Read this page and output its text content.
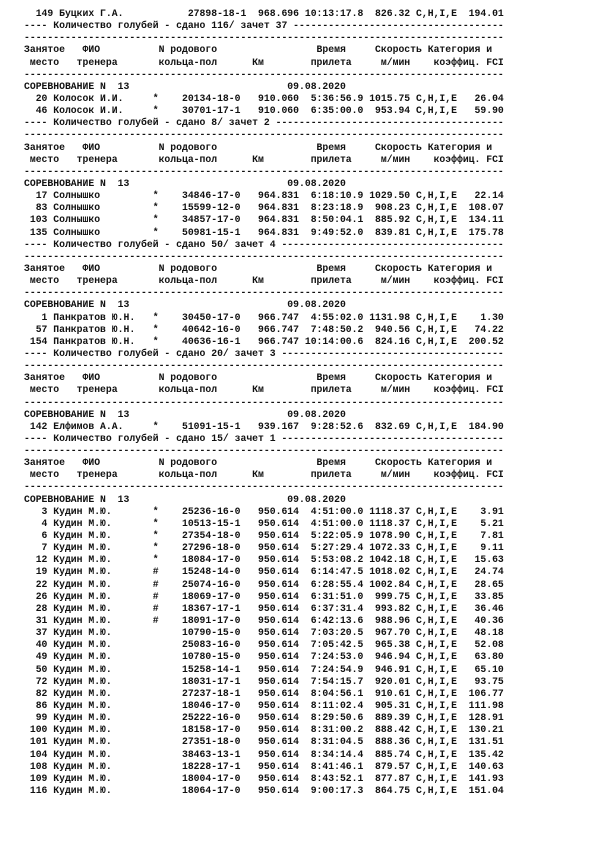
149 Буцких Г.А.           27898-18-1  968.696 10:13:17.8  826.32 C,H,I,E  194.01
---- Количество голубей - сдано 116/ зачет 37 ------------------------------------
----------------------------------------------------------------------------------
Занятое   ФИО          N родового                 Время     Скорость Категория и
место   тренера       кольца-пол      Км        прилета     м/мин    коэффиц. FCI
----------------------------------------------------------------------------------
СОРЕВНОВАНИЕ N  13                           09.08.2020
20 Колосок И.И.     *    20134-18-0   910.060  5:36:56.9 1015.75 C,H,I,E   26.04
46 Колосок И.И.     *    30701-17-1   910.060  6:35:00.0  953.94 C,H,I,E   59.90
---- Количество голубей - сдано 8/ зачет 2 ---------------------------------------
----------------------------------------------------------------------------------
Занятое   ФИО          N родового                 Время     Скорость Категория и
место   тренера       кольца-пол      Км        прилета     м/мин    коэффиц. FCI
----------------------------------------------------------------------------------
СОРЕВНОВАНИЕ N  13                           09.08.2020
17 Солнышко         *    34846-17-0   964.831  6:18:10.9 1029.50 C,H,I,E   22.14
83 Солнышко         *    15599-12-0   964.831  8:23:18.9  908.23 C,H,I,E  108.07
103 Солнышко         *    34857-17-0   964.831  8:50:04.1  885.92 C,H,I,E  134.11
135 Солнышко         *    50981-15-1   964.831  9:49:52.0  839.81 C,H,I,E  175.78
---- Количество голубей - сдано 50/ зачет 4 --------------------------------------
----------------------------------------------------------------------------------
Занятое   ФИО          N родового                 Время     Скорость Категория и
место   тренера       кольца-пол      Км        прилета     м/мин    коэффиц. FCI
----------------------------------------------------------------------------------
СОРЕВНОВАНИЕ N  13                           09.08.2020
1 Панкратов Ю.Н.   *    30450-17-0   966.747  4:55:02.0 1131.98 C,H,I,E    1.30
57 Панкратов Ю.Н.   *    40642-16-0   966.747  7:48:50.2  940.56 C,H,I,E   74.22
154 Панкратов Ю.Н.   *    40636-16-1   966.747 10:14:00.6  824.16 C,H,I,E  200.52
---- Количество голубей - сдано 20/ зачет 3 --------------------------------------
----------------------------------------------------------------------------------
Занятое   ФИО          N родового                 Время     Скорость Категория и
место   тренера       кольца-пол      Км        прилета     м/мин    коэффиц. FCI
----------------------------------------------------------------------------------
СОРЕВНОВАНИЕ N  13                           09.08.2020
142 Елфимов А.А.     *    51091-15-1   939.167  9:28:52.6  832.69 C,H,I,E  184.90
---- Количество голубей - сдано 15/ зачет 1 --------------------------------------
----------------------------------------------------------------------------------
Занятое   ФИО          N родового                 Время     Скорость Категория и
место   тренера       кольца-пол      Км        прилета     м/мин    коэффиц. FCI
----------------------------------------------------------------------------------
СОРЕВНОВАНИЕ N  13                           09.08.2020
3 Кудин М.Ю.       *    25236-16-0   950.614  4:51:00.0 1118.37 C,H,I,E    3.91
4 Кудин М.Ю.       *    10513-15-1   950.614  4:51:00.0 1118.37 C,H,I,E    5.21
6 Кудин М.Ю.       *    27354-18-0   950.614  5:22:05.9 1078.90 C,H,I,E    7.81
7 Кудин М.Ю.       *    27296-18-0   950.614  5:27:29.4 1072.33 C,H,I,E    9.11
12 Кудин М.Ю.       *    18084-17-0   950.614  5:53:08.2 1042.18 C,H,I,E   15.63
19 Кудин М.Ю.       #    15248-14-0   950.614  6:14:47.5 1018.02 C,H,I,E   24.74
22 Кудин М.Ю.       #    25074-16-0   950.614  6:28:55.4 1002.84 C,H,I,E   28.65
26 Кудин М.Ю.       #    18069-17-0   950.614  6:31:51.0  999.75 C,H,I,E   33.85
28 Кудин М.Ю.       #    18367-17-1   950.614  6:37:31.4  993.82 C,H,I,E   36.46
31 Кудин М.Ю.       #    18091-17-0   950.614  6:42:13.6  988.96 C,H,I,E   40.36
37 Кудин М.Ю.            10790-15-0   950.614  7:03:20.5  967.70 C,H,I,E   48.18
40 Кудин М.Ю.            25083-16-0   950.614  7:05:42.5  965.38 C,H,I,E   52.08
49 Кудин М.Ю.            10780-15-0   950.614  7:24:53.0  946.94 C,H,I,E   63.80
50 Кудин М.Ю.            15258-14-1   950.614  7:24:54.9  946.91 C,H,I,E   65.10
72 Кудин М.Ю.            18031-17-1   950.614  7:54:15.7  920.01 C,H,I,E   93.75
82 Кудин М.Ю.            27237-18-1   950.614  8:04:56.1  910.61 C,H,I,E  106.77
86 Кудин М.Ю.            18046-17-0   950.614  8:11:02.4  905.31 C,H,I,E  111.98
99 Кудин М.Ю.            25222-16-0   950.614  8:29:50.6  889.39 C,H,I,E  128.91
100 Кудин М.Ю.            18158-17-0   950.614  8:31:00.2  888.42 C,H,I,E  130.21
101 Кудин М.Ю.            27351-18-0   950.614  8:31:04.5  888.36 C,H,I,E  131.51
104 Кудин М.Ю.            38463-13-1   950.614  8:34:14.4  885.74 C,H,I,E  135.42
108 Кудин М.Ю.            18228-17-1   950.614  8:41:46.1  879.57 C,H,I,E  140.63
109 Кудин М.Ю.            18004-17-0   950.614  8:43:52.1  877.87 C,H,I,E  141.93
116 Кудин М.Ю.            18064-17-0   950.614  9:00:17.3  864.75 C,H,I,E  151.04
